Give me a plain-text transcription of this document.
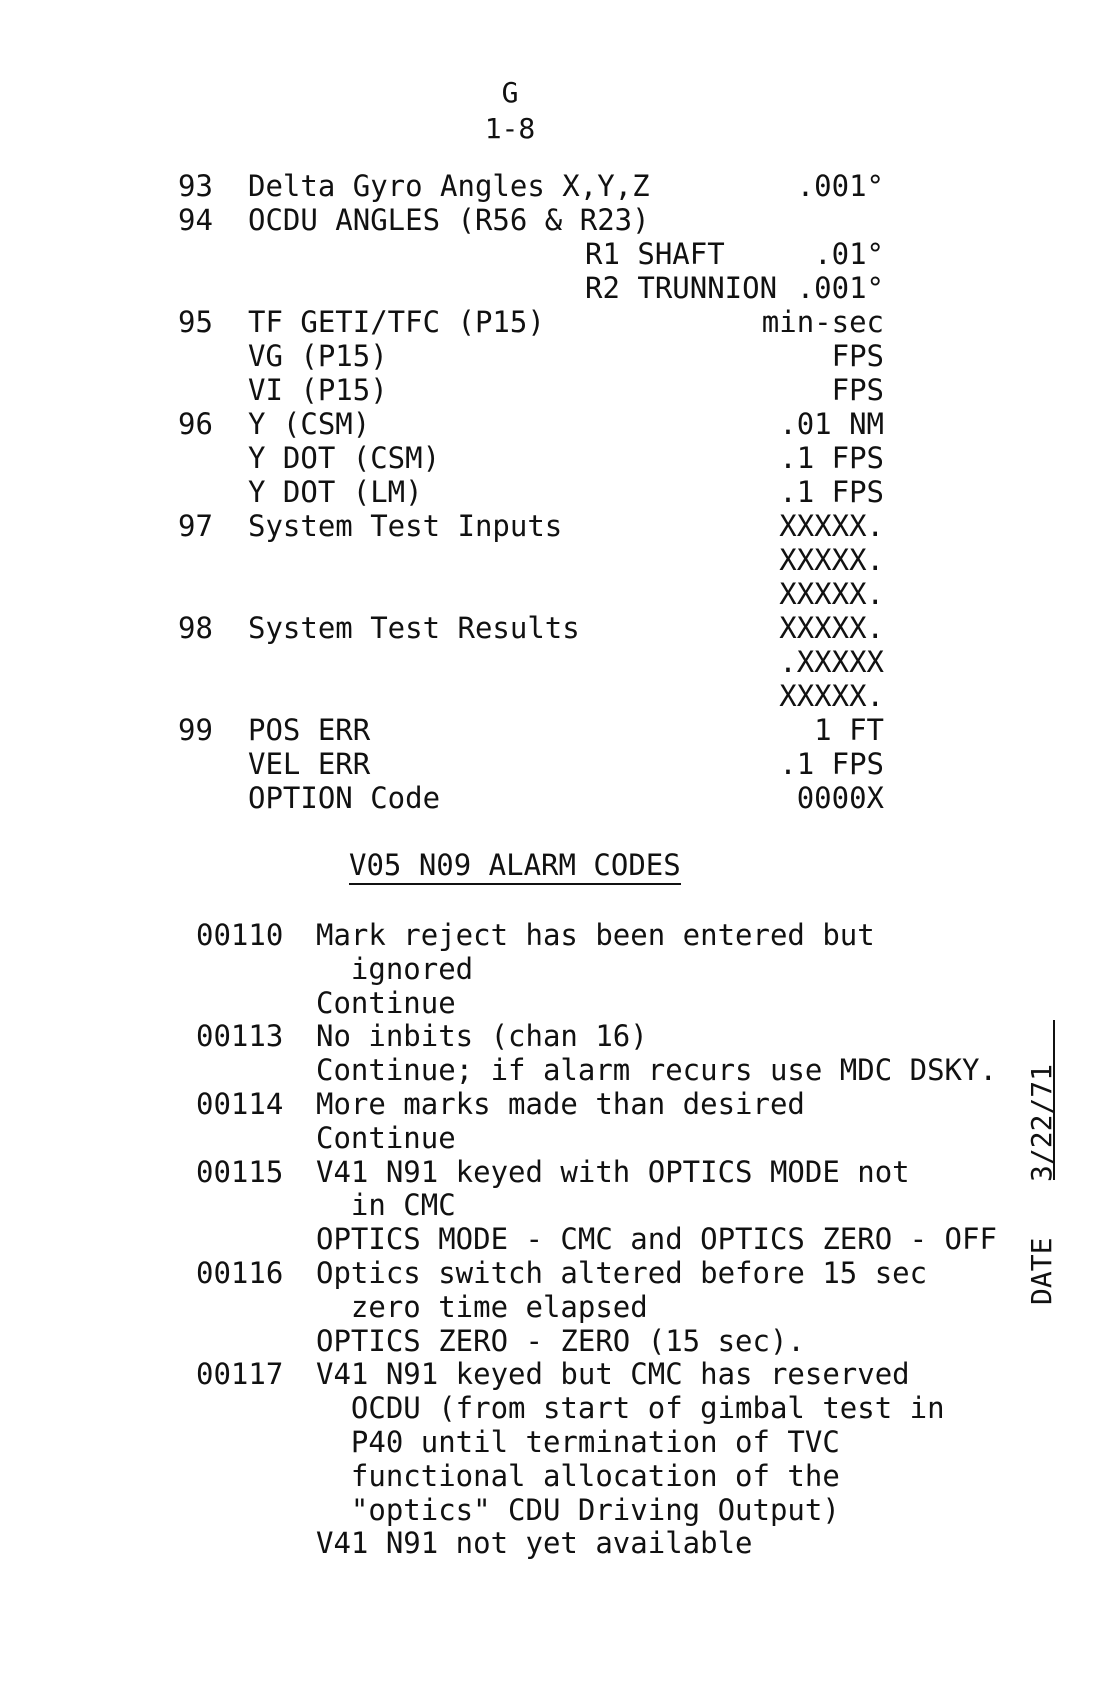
G
1-8
93 Delta Gyro Angles X,Y,Z	.001°
94 OCDU ANGLES (R56 & R23)
R1 SHAFT	.01°
R2 TRUNNION .001°
95 TF GETI/TFC (P15)	min-sec
VG (P15)	FPS
VI (P15)	FPS
96 Y (CSM)	.01 NM
Y DOT (CSM)	.1 FPS
Y DOT (LM)	.1 FPS
97 System Test Inputs	XXXXX.
XXXXX.
XXXXX.
98 System Test Results	XXXXX.
.XXXXX
XXXXX.
99 POS ERR	1 FT
VEL ERR	.1 FPS
OPTION Code	0000X
V05 N09 ALARM CODES
00110 Mark reject has been entered but
ignored
Continue
00113 No inbits (chan 16)
Continue; if alarm recurs use MDC DSKY.
00114 More marks made than desired
Continue
00115 V41 N91 keyed with OPTICS MODE not
in CMC
OPTICS MODE - CMC and OPTICS ZERO - OFF
00116 Optics switch altered before 15 sec
zero time elapsed
OPTICS ZERO - ZERO (15 sec).
00117 V41 N91 keyed but CMC has reserved
OCDU (from start of gimbal test in
P40 until termination of TVC
functional allocation of the
"optics" CDU Driving Output)
V41 N91 not yet available
3/22/71
DATE
